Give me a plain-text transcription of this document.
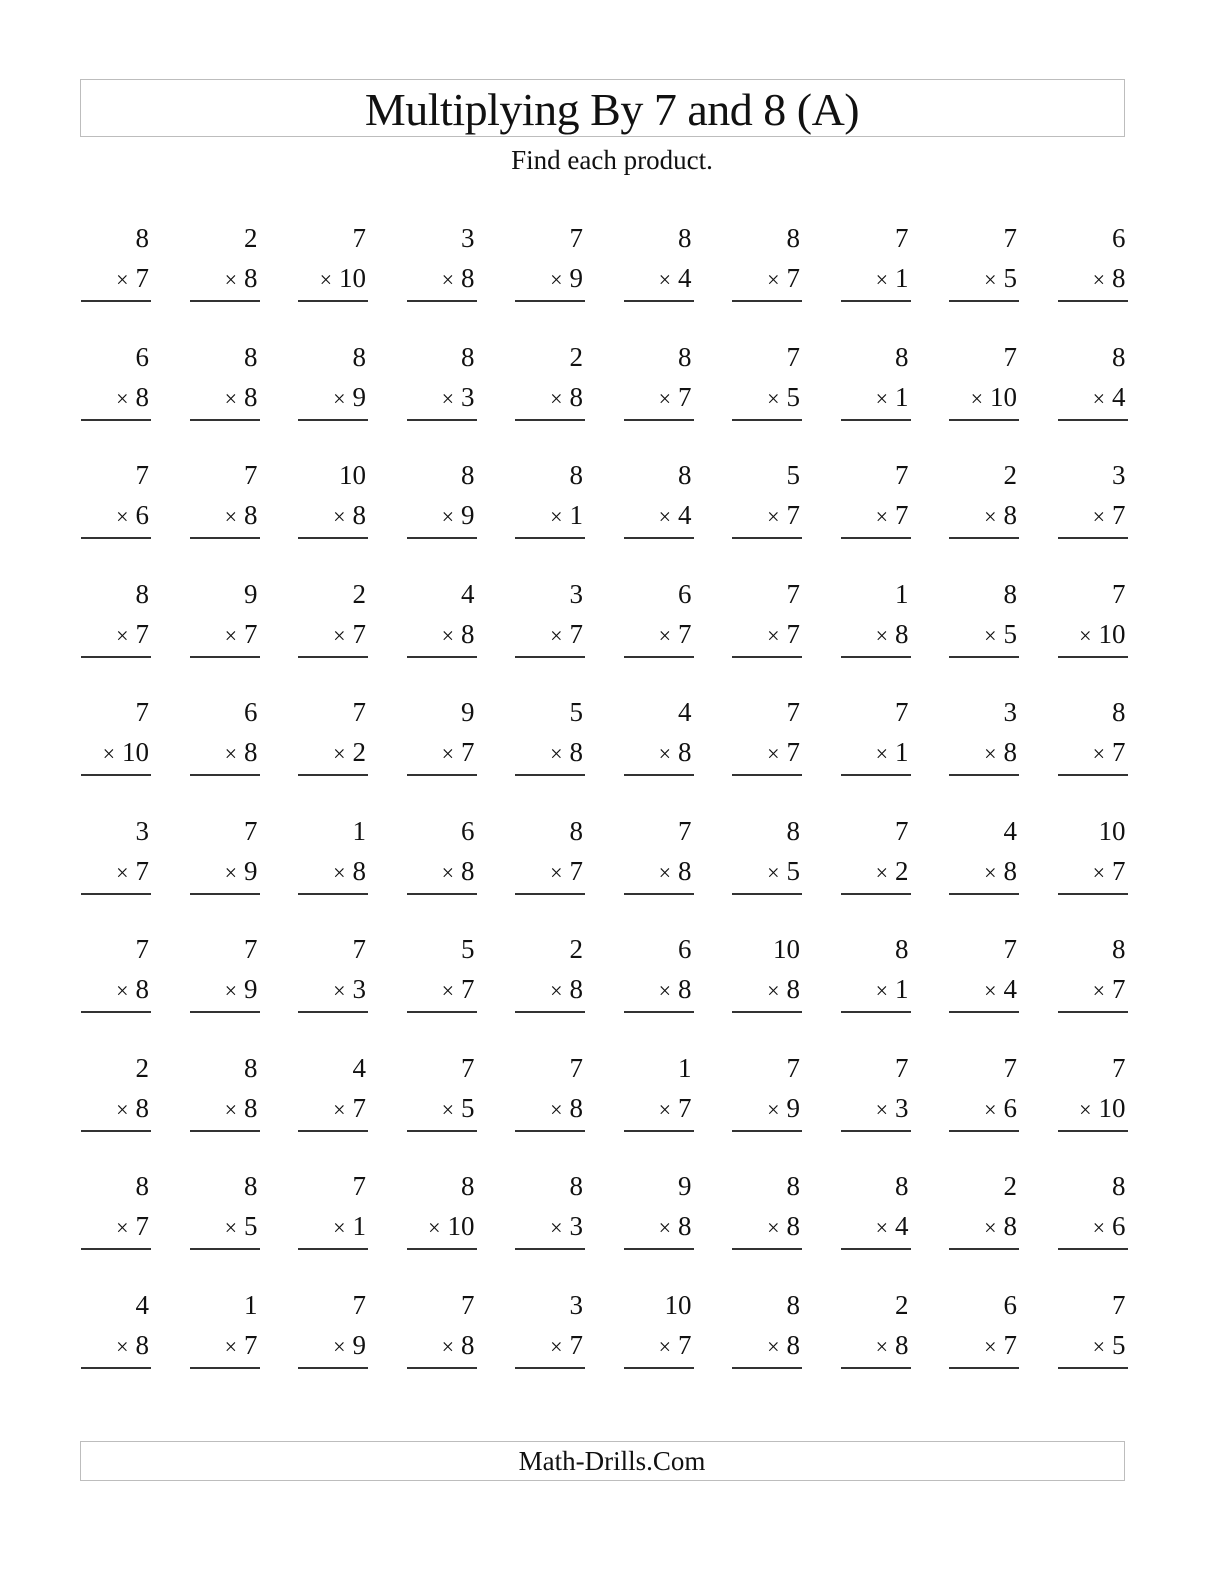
Multiplying By 7 and 8 (A)
Find each product.
8
× 7
2
× 8
7
× 10
3
× 8
7
× 9
8
× 4
8
× 7
7
× 1
7
× 5
6
× 8
6
× 8
8
× 8
8
× 9
8
× 3
2
× 8
8
× 7
7
× 5
8
× 1
7
× 10
8
× 4
7
× 6
7
× 8
10
× 8
8
× 9
8
× 1
8
× 4
5
× 7
7
× 7
2
× 8
3
× 7
8
× 7
9
× 7
2
× 7
4
× 8
3
× 7
6
× 7
7
× 7
1
× 8
8
× 5
7
× 10
7
× 10
6
× 8
7
× 2
9
× 7
5
× 8
4
× 8
7
× 7
7
× 1
3
× 8
8
× 7
3
× 7
7
× 9
1
× 8
6
× 8
8
× 7
7
× 8
8
× 5
7
× 2
4
× 8
10
× 7
7
× 8
7
× 9
7
× 3
5
× 7
2
× 8
6
× 8
10
× 8
8
× 1
7
× 4
8
× 7
2
× 8
8
× 8
4
× 7
7
× 5
7
× 8
1
× 7
7
× 9
7
× 3
7
× 6
7
× 10
8
× 7
8
× 5
7
× 1
8
× 10
8
× 3
9
× 8
8
× 8
8
× 4
2
× 8
8
× 6
4
× 8
1
× 7
7
× 9
7
× 8
3
× 7
10
× 7
8
× 8
2
× 8
6
× 7
7
× 5
Math-Drills.Com
